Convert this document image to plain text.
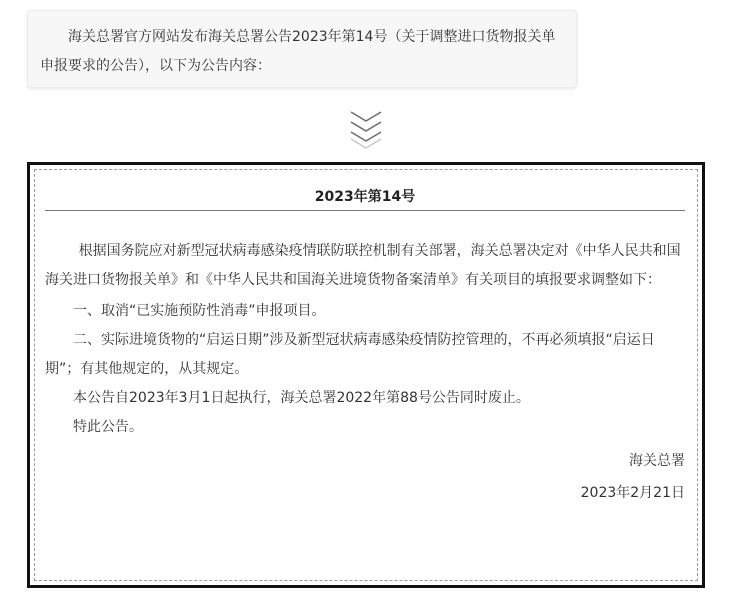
海关总署官方网站发布海关总署公告2023年第14号（关于调整进口货物报关单申报要求的公告），以下为公告内容：

2023年第14号

根据国务院应对新型冠状病毒感染疫情联防联控机制有关部署，海关总署决定对《中华人民共和国海关进口货物报关单》和《中华人民共和国海关进境货物备案清单》有关项目的填报要求调整如下：

一、取消“已实施预防性消毒”申报项目。

二、实际进境货物的“启运日期”涉及新型冠状病毒感染疫情防控管理的，不再必须填报“启运日期”；有其他规定的，从其规定。

本公告自2023年3月1日起执行，海关总署2022年第88号公告同时废止。

特此公告。

海关总署

2023年2月21日
